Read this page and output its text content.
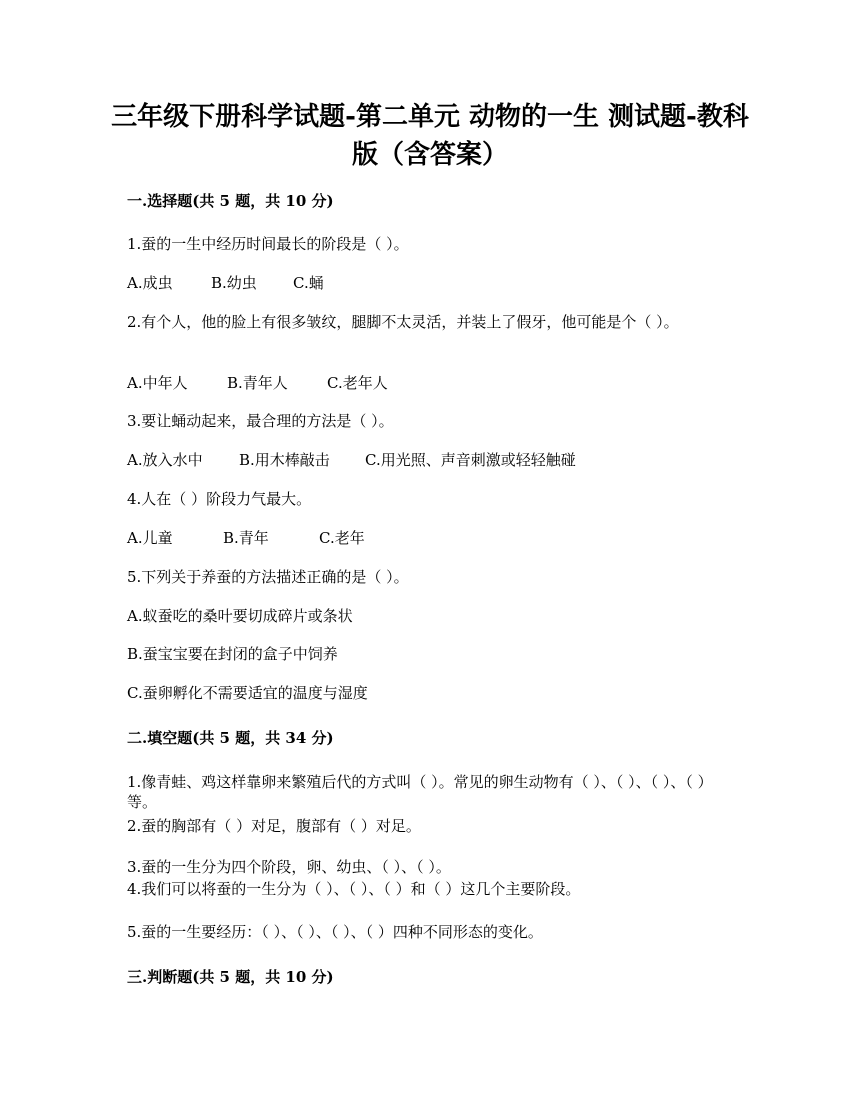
三年级下册科学试题-第二单元 动物的一生 测试题-教科版（含答案）
一.选择题(共 5 题，共 10 分)
1.蚕的一生中经历时间最长的阶段是（ ）。
A.成虫	B.幼虫 C.蛹
2.有个人，他的脸上有很多皱纹，腿脚不太灵活，并装上了假牙，他可能是个（ ）。
A.中年人	B.青年人	C.老年人
3.要让蛹动起来，最合理的方法是（ ）。
A.放入水中 B.用木棒敲击 C.用光照、声音刺激或轻轻触碰
4.人在（ ）阶段力气最大。
A.儿童	B.青年	C.老年
5.下列关于养蚕的方法描述正确的是（ ）。
A.蚁蚕吃的桑叶要切成碎片或条状
B.蚕宝宝要在封闭的盒子中饲养
C.蚕卵孵化不需要适宜的温度与湿度
二.填空题(共 5 题，共 34 分)
1.像青蛙、鸡这样靠卵来繁殖后代的方式叫（ ）。常见的卵生动物有（ ）、（ ）、（ ）、（ ）等。
2.蚕的胸部有（ ）对足，腹部有（ ）对足。
3.蚕的一生分为四个阶段，卵、幼虫、（ ）、（ ）。
4.我们可以将蚕的一生分为（ ）、（ ）、（ ）和（ ）这几个主要阶段。
5.蚕的一生要经历：（ ）、（ ）、（ ）、（ ）四种不同形态的变化。
三.判断题(共 5 题，共 10 分)
